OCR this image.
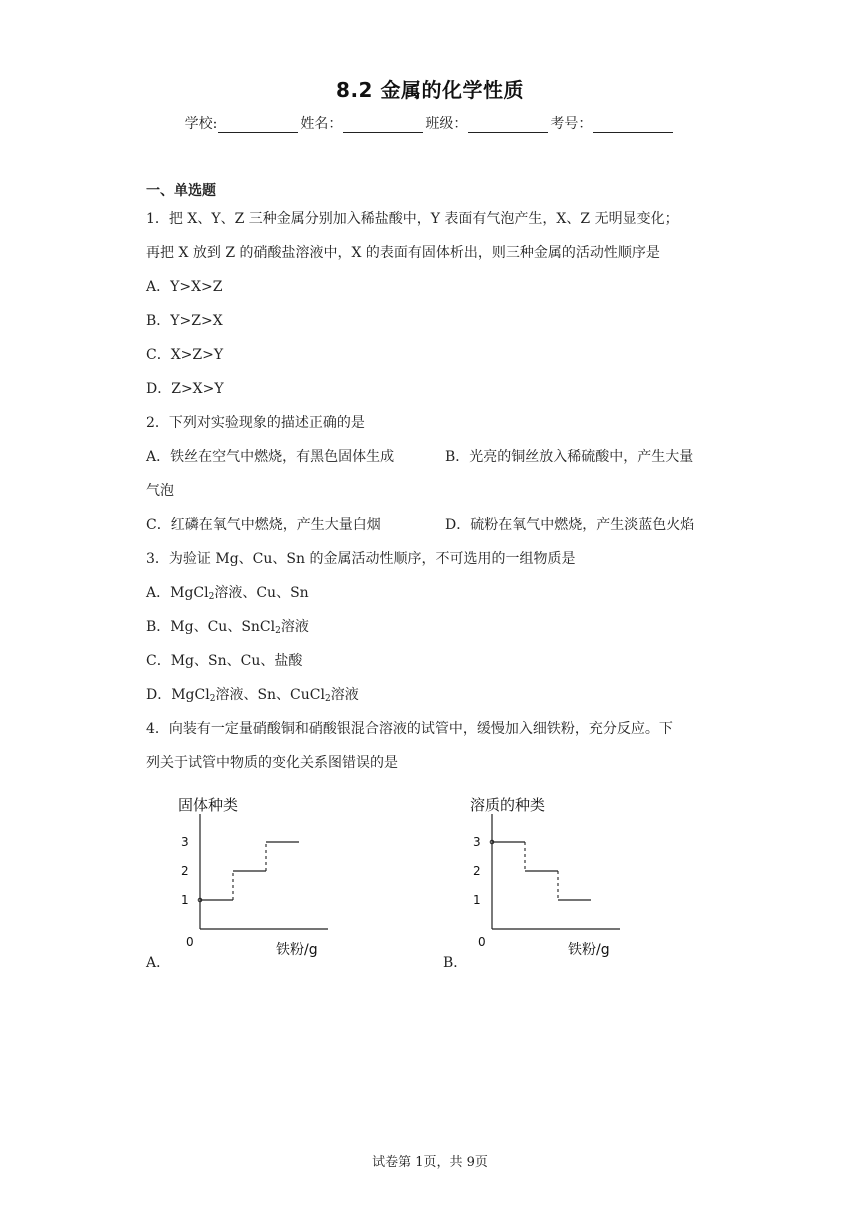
8.2 金属的化学性质
学校:	姓名：	班级：	考号：
一、单选题
1．把 X、Y、Z 三种金属分别加入稀盐酸中，Y 表面有气泡产生，X、Z 无明显变化；
再把 X 放到 Z 的硝酸盐溶液中，X 的表面有固体析出，则三种金属的活动性顺序是
A．Y>X>Z
B．Y>Z>X
C．X>Z>Y
D．Z>X>Y
2．下列对实验现象的描述正确的是
A．铁丝在空气中燃烧，有黑色固体生成	B．光亮的铜丝放入稀硫酸中，产生大量
气泡
C．红磷在氧气中燃烧，产生大量白烟	D．硫粉在氧气中燃烧，产生淡蓝色火焰
3．为验证 Mg、Cu、Sn 的金属活动性顺序，不可选用的一组物质是
A．MgCl$_2$溶液、Cu、Sn
B．Mg、Cu、SnCl$_2$溶液
C．Mg、Sn、Cu、盐酸
D．MgCl$_2$溶液、Sn、CuCl$_2$溶液
4．向装有一定量硝酸铜和硝酸银混合溶液的试管中，缓慢加入细铁粉，充分反应。下
列关于试管中物质的变化关系图错误的是
固体种类
铁粉/g
0
1
2
3
A．
溶质的种类
铁粉/g
0
1
2
3
B．
试卷第 1页，共 9页
